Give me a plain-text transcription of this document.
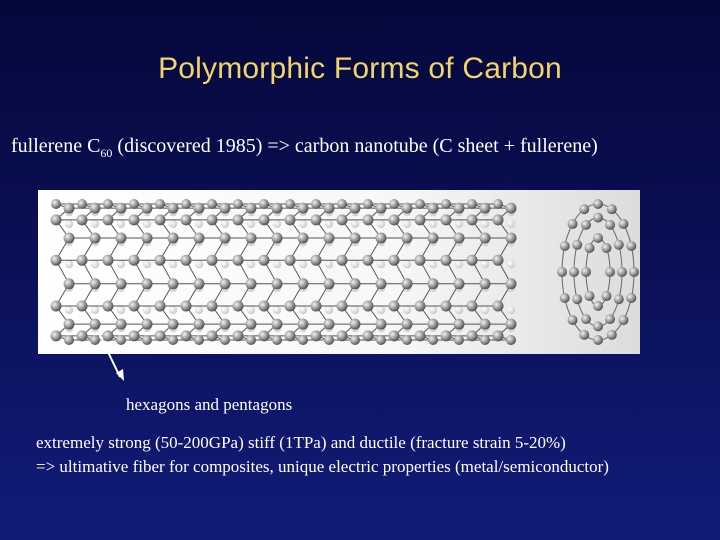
Polymorphic Forms of Carbon
fullerene $C_{60}$ (discovered 1985) => carbon nanotube (C sheet + fullerene)
hexagons and pentagons
extremely strong (50-200GPa) stiff (1TPa) and ductile (fracture strain 5-20%)
=> ultimative fiber for composites, unique electric properties (metal/semiconductor)
